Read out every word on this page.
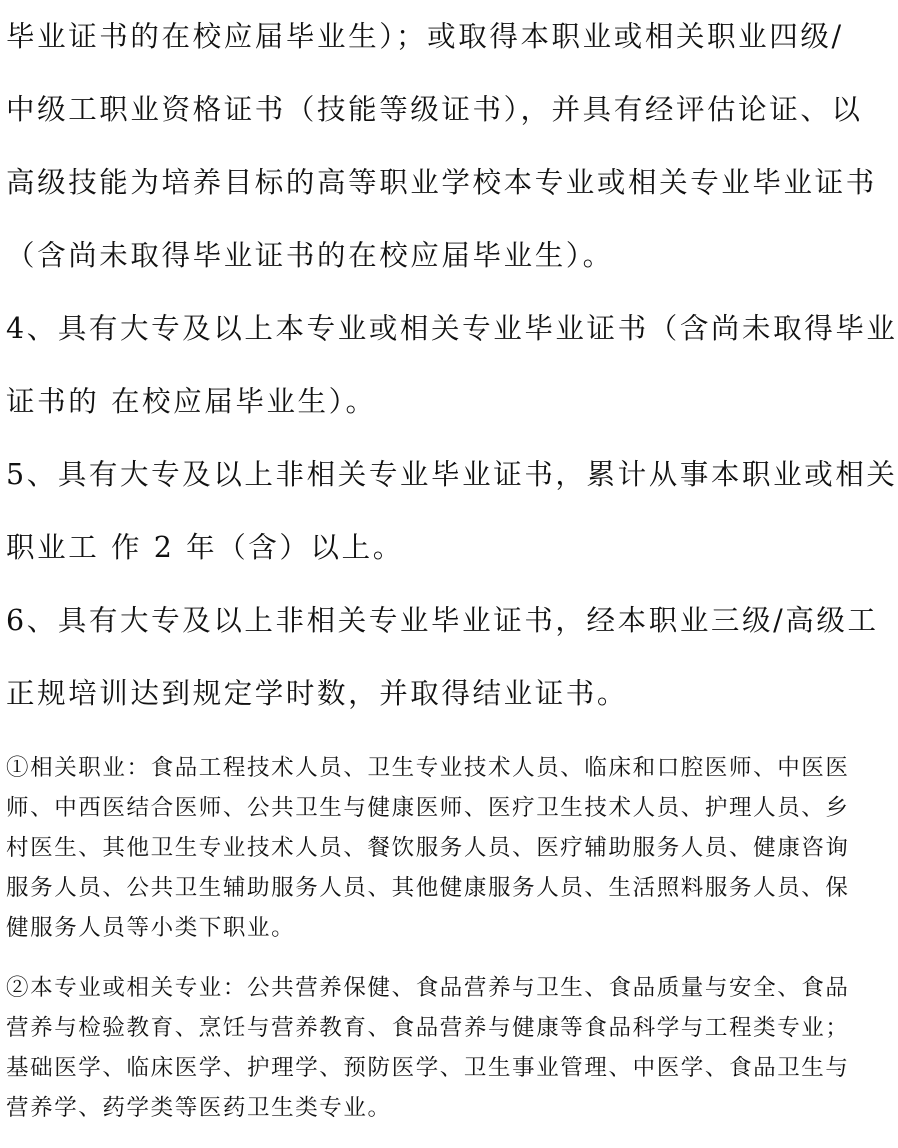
毕业证书的在校应届毕业生）；或取得本职业或相关职业四级/

中级工职业资格证书（技能等级证书），并具有经评估论证、以

高级技能为培养目标的高等职业学校本专业或相关专业毕业证书

（含尚未取得毕业证书的在校应届毕业生）。

4、具有大专及以上本专业或相关专业毕业证书（含尚未取得毕业

证书的 在校应届毕业生）。

5、具有大专及以上非相关专业毕业证书，累计从事本职业或相关

职业工 作 2 年（含）以上。

6、具有大专及以上非相关专业毕业证书，经本职业三级/高级工

正规培训达到规定学时数，并取得结业证书。

①相关职业：食品工程技术人员、卫生专业技术人员、临床和口腔医师、中医医

师、中西医结合医师、公共卫生与健康医师、医疗卫生技术人员、护理人员、乡

村医生、其他卫生专业技术人员、餐饮服务人员、医疗辅助服务人员、健康咨询

服务人员、公共卫生辅助服务人员、其他健康服务人员、生活照料服务人员、保

健服务人员等小类下职业。

②本专业或相关专业：公共营养保健、食品营养与卫生、食品质量与安全、食品

营养与检验教育、烹饪与营养教育、食品营养与健康等食品科学与工程类专业；

基础医学、临床医学、护理学、预防医学、卫生事业管理、中医学、食品卫生与

营养学、药学类等医药卫生类专业。
